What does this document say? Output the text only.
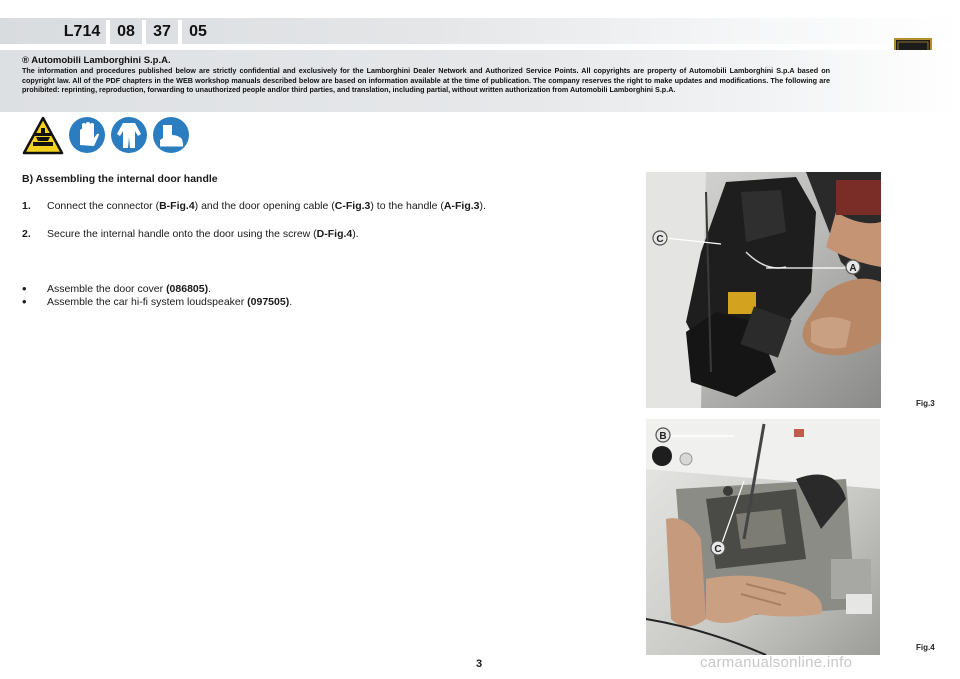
L714	08	37	05
® Automobili Lamborghini S.p.A.
The information and procedures published below are strictly confidential and exclusively for the Lamborghini Dealer Network and Authorized Service Points. All copyrights are property of Automobili Lamborghini S.p.A based on copyright law. All of the PDF chapters in the WEB workshop manuals described below are based on information available at the time of publication. The company reserves the right to make updates and modifications. The following are prohibited: reprinting, reproduction, forwarding to unauthorized people and/or third parties, and translation, including partial, without written authorization from Automobili Lamborghini S.p.A.
B) Assembling the internal door handle
1. Connect the connector (B-Fig.4) and the door opening cable (C-Fig.3) to the handle (A-Fig.3).
2. Secure the internal handle onto the door using the screw (D-Fig.4).
• Assemble the door cover (086805).
• Assemble the car hi-fi system loudspeaker (097505).
C
A
Fig.3
B
C
Fig.4
3	carmanualsonline.info
